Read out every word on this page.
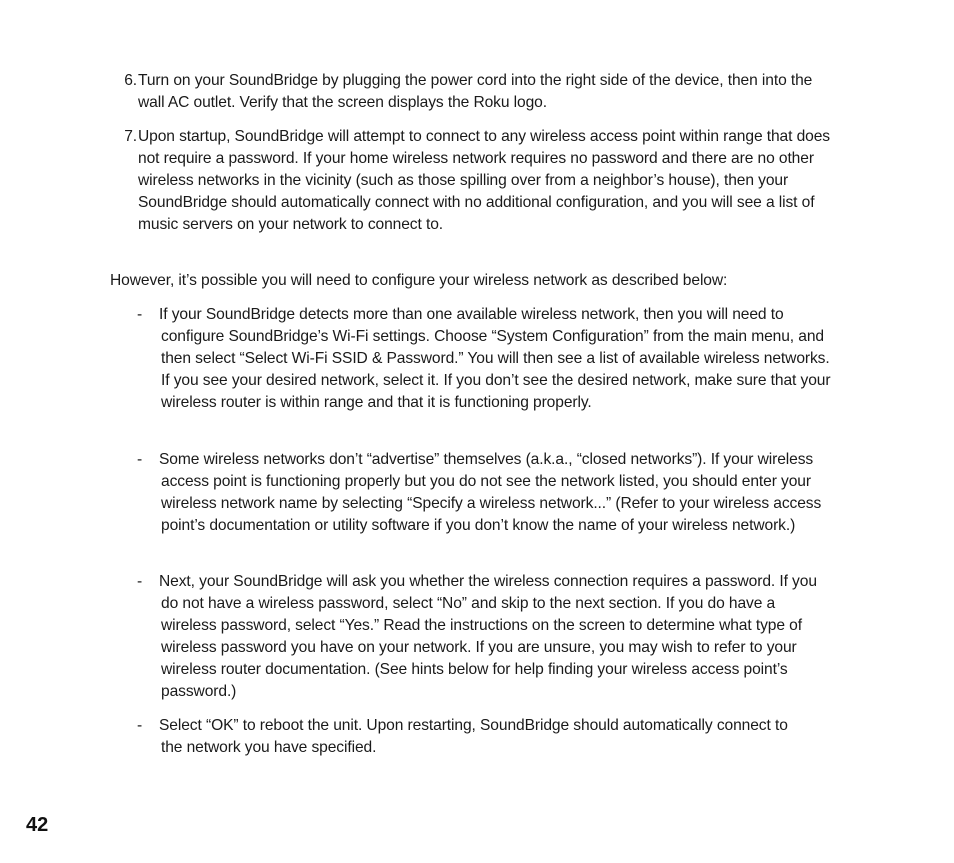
6. Turn on your SoundBridge by plugging the power cord into the right side of the device, then into the wall AC outlet. Verify that the screen displays the Roku logo.
7. Upon startup, SoundBridge will attempt to connect to any wireless access point within range that does not require a password. If your home wireless network requires no password and there are no other wireless networks in the vicinity (such as those spilling over from a neighbor’s house), then your SoundBridge should automatically connect with no additional configuration, and you will see a list of music servers on your network to connect to.
However, it’s possible you will need to configure your wireless network as described below:
- If your SoundBridge detects more than one available wireless network, then you will need to configure SoundBridge’s Wi-Fi settings. Choose “System Configuration” from the main menu, and then select “Select Wi-Fi SSID & Password.” You will then see a list of available wireless networks. If you see your desired network, select it. If you don’t see the desired network, make sure that your wireless router is within range and that it is functioning properly.
- Some wireless networks don’t “advertise” themselves (a.k.a., “closed networks”). If your wireless access point is functioning properly but you do not see the network listed, you should enter your wireless network name by selecting “Specify a wireless network...” (Refer to your wireless access point’s documentation or utility software if you don’t know the name of your wireless network.)
- Next, your SoundBridge will ask you whether the wireless connection requires a password. If you do not have a wireless password, select “No” and skip to the next section. If you do have a wireless password, select “Yes.” Read the instructions on the screen to determine what type of wireless password you have on your network. If you are unsure, you may wish to refer to your wireless router documentation. (See hints below for help finding your wireless access point’s password.)
- Select “OK” to reboot the unit. Upon restarting, SoundBridge should automatically connect to the network you have specified.
42
